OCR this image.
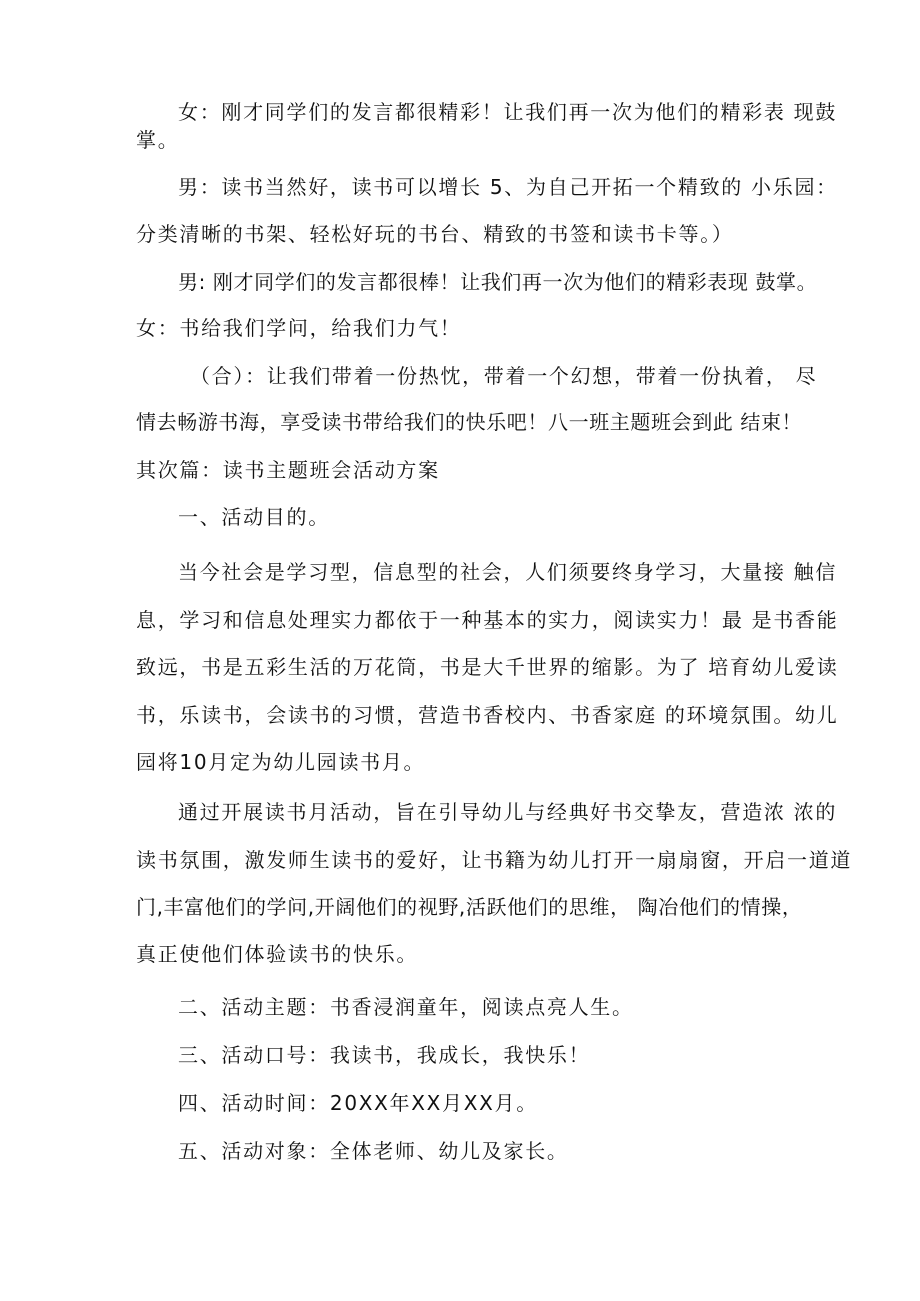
女：刚才同学们的发言都很精彩！让我们再一次为他们的精彩表 现鼓
掌。
男：读书当然好，读书可以增长 5、为自己开拓一个精致的 小乐园：
分类清晰的书架、轻松好玩的书台、精致的书签和读书卡等。）
男: 刚才同学们的发言都很棒！让我们再一次为他们的精彩表现 鼓掌。
女：书给我们学问，给我们力气！
（合）：让我们带着一份热忱，带着一个幻想，带着一份执着， 尽
情去畅游书海，享受读书带给我们的快乐吧！八一班主题班会到此 结束！
其次篇：读书主题班会活动方案
一、活动目的。
当今社会是学习型，信息型的社会，人们须要终身学习，大量接 触信
息，学习和信息处理实力都依于一种基本的实力，阅读实力！最 是书香能
致远，书是五彩生活的万花筒，书是大千世界的缩影。为了 培育幼儿爱读
书，乐读书，会读书的习惯，营造书香校内、书香家庭 的环境氛围。幼儿
园将10月定为幼儿园读书月。
通过开展读书月活动，旨在引导幼儿与经典好书交挚友，营造浓 浓的
读书氛围，激发师生读书的爱好，让书籍为幼儿打开一扇扇窗，开启一道道
门,丰富他们的学问,开阔他们的视野,活跃他们的思维， 陶冶他们的情操，
真正使他们体验读书的快乐。
二、活动主题：书香浸润童年，阅读点亮人生。
三、活动口号：我读书，我成长，我快乐！
四、活动时间：20XX年XX月XX月。
五、活动对象：全体老师、幼儿及家长。
